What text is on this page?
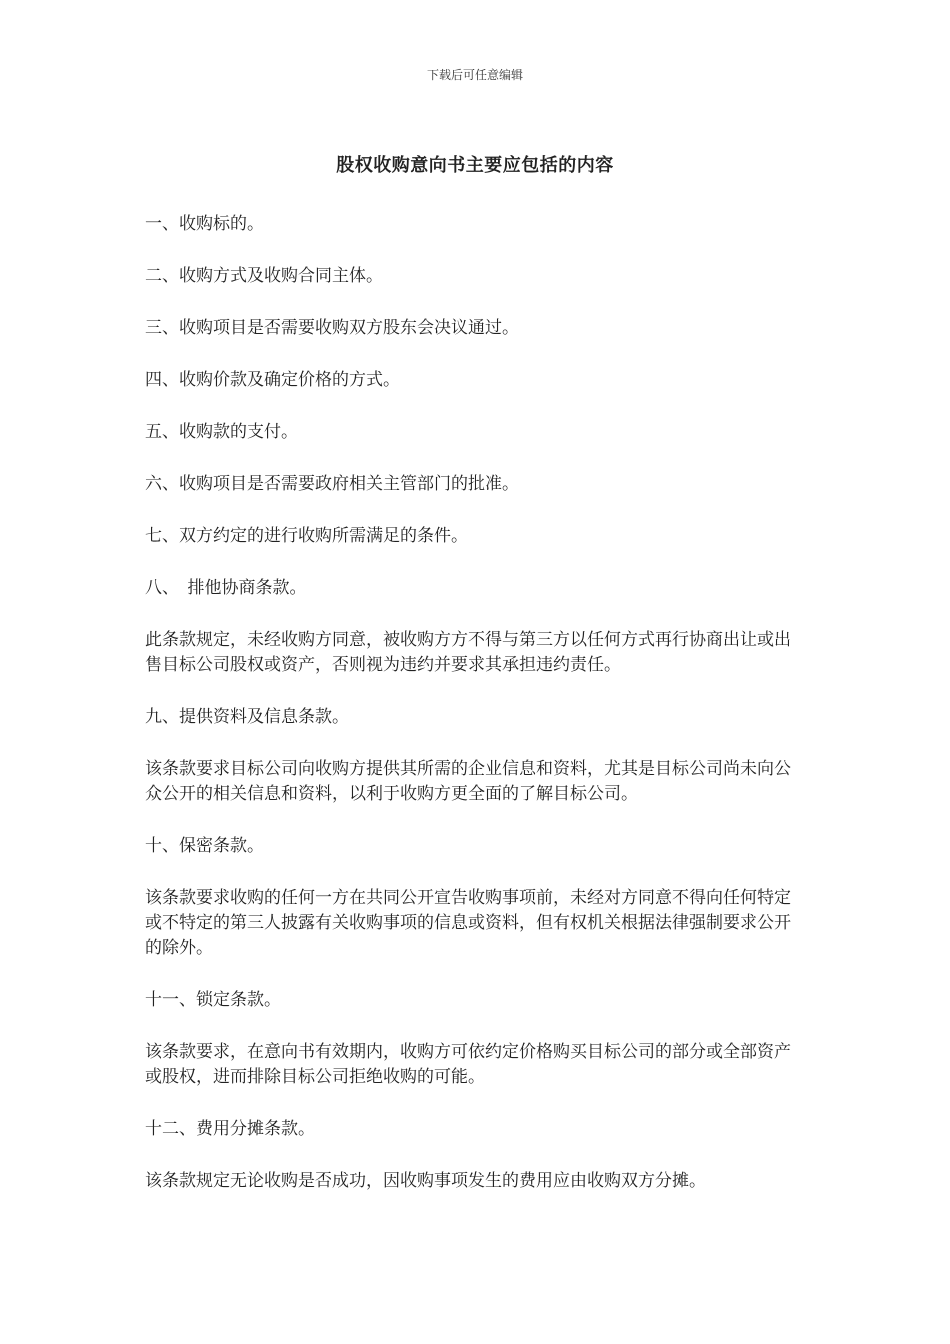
下载后可任意编辑
股权收购意向书主要应包括的内容

一、收购标的。

二、收购方式及收购合同主体。

三、收购项目是否需要收购双方股东会决议通过。

四、收购价款及确定价格的方式。

五、收购款的支付。

六、收购项目是否需要政府相关主管部门的批准。

七、双方约定的进行收购所需满足的条件。

八、　排他协商条款。

此条款规定，未经收购方同意，被收购方方不得与第三方以任何方式再行协商出让或出售目标公司股权或资产，否则视为违约并要求其承担违约责任。

九、提供资料及信息条款。

该条款要求目标公司向收购方提供其所需的企业信息和资料，尤其是目标公司尚未向公众公开的相关信息和资料，以利于收购方更全面的了解目标公司。

十、保密条款。

该条款要求收购的任何一方在共同公开宣告收购事项前，未经对方同意不得向任何特定或不特定的第三人披露有关收购事项的信息或资料，但有权机关根据法律强制要求公开的除外。

十一、锁定条款。

该条款要求，在意向书有效期内，收购方可依约定价格购买目标公司的部分或全部资产或股权，进而排除目标公司拒绝收购的可能。

十二、费用分摊条款。

该条款规定无论收购是否成功，因收购事项发生的费用应由收购双方分摊。
